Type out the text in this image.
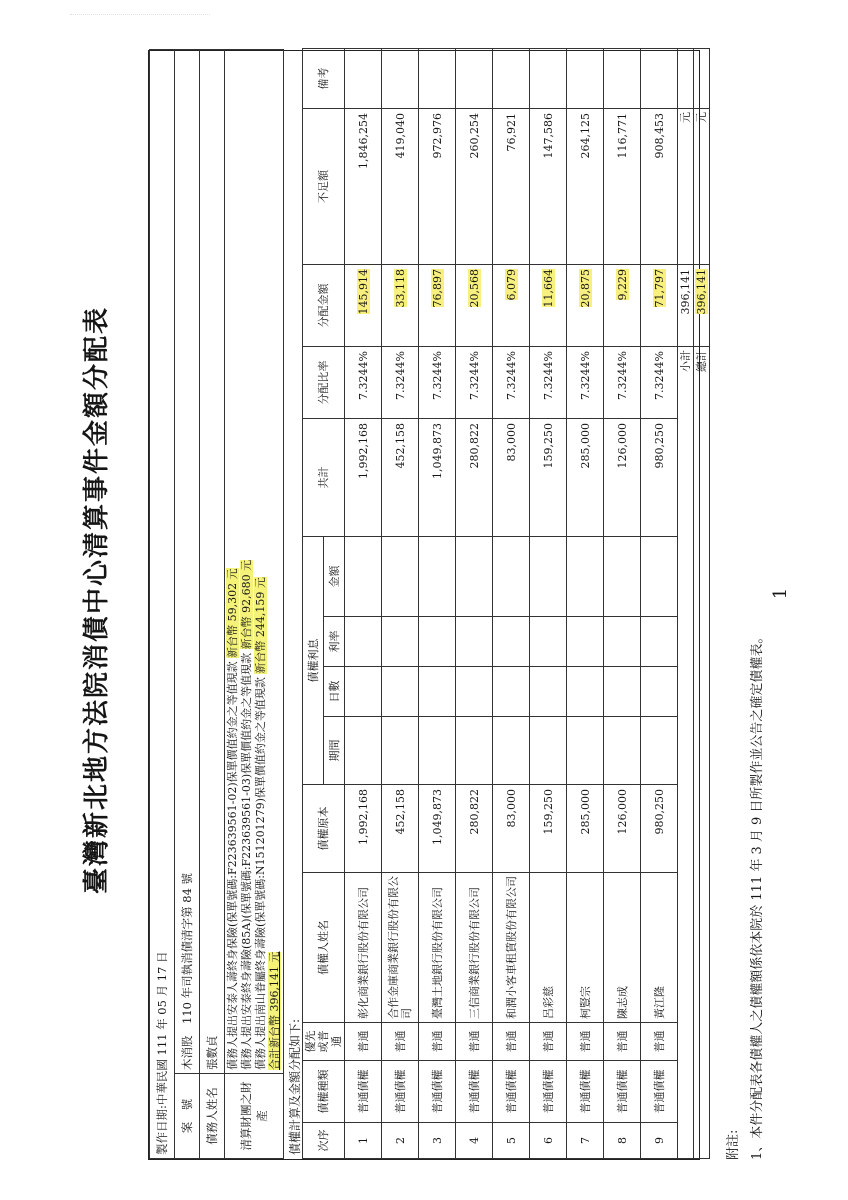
1
臺灣新北地方法院消債中心清算事件金額分配表
製作日期:中華民國 111 年 05 月 17 日	
案　號	木消股　110 年司執消債清字第 84 號
債務人姓名	張數貞
清算財團之財產	債務人提出安泰人壽終身保險(保單號碼:F223639561-02)保單價值約金之等值現款 新台幣 59,302 元
債務人提出安泰終身壽險(85A)(保單號碼:F223639561-03)保單價值約金之等值現款 新台幣 92,680 元
債務人提出南山眷屬終身壽險(保單號碼:N151201279)保單價值約金之等值現款 新台幣 244,159 元
合計新台幣 396,141 元
債權計算及金額分配如下: 次序	債權種類	優先或普通	債權人姓名	債權原本	債權利息				共計	分配比率	分配金額	不足額	備考
					期間	日數	利率	金額					
1	普通債權	普通	彰化商業銀行股份有限公司	1,992,168					1,992,168	7.3244%	145,914	1,846,254	
2	普通債權	普通	合作金庫商業銀行股份有限公司	452,158					452,158	7.3244%	33,118	419,040	
3	普通債權	普通	臺灣土地銀行股份有限公司	1,049,873					1,049,873	7.3244%	76,897	972,976	
4	普通債權	普通	三信商業銀行股份有限公司	280,822					280,822	7.3244%	20,568	260,254	
5	普通債權	普通	和潤小客車租賃股份有限公司	83,000					83,000	7.3244%	6,079	76,921	
6	普通債權	普通	呂彩慈	159,250					159,250	7.3244%	11,664	147,586	
7	普通債權	普通	柯豎宗	285,000					285,000	7.3244%	20,875	264,125	
8	普通債權	普通	陳志成	126,000					126,000	7.3244%	9,229	116,771	
9	普通債權	普通	黃江隆	980,250					980,250	7.3244%	71,797	908,453	
小計											396,141	元	
總計											396,141	元	
附註: 1、本件分配表各債權人之債權額係依本院於 111 年 3 月 9 日所製作並公告之確定債權表。
